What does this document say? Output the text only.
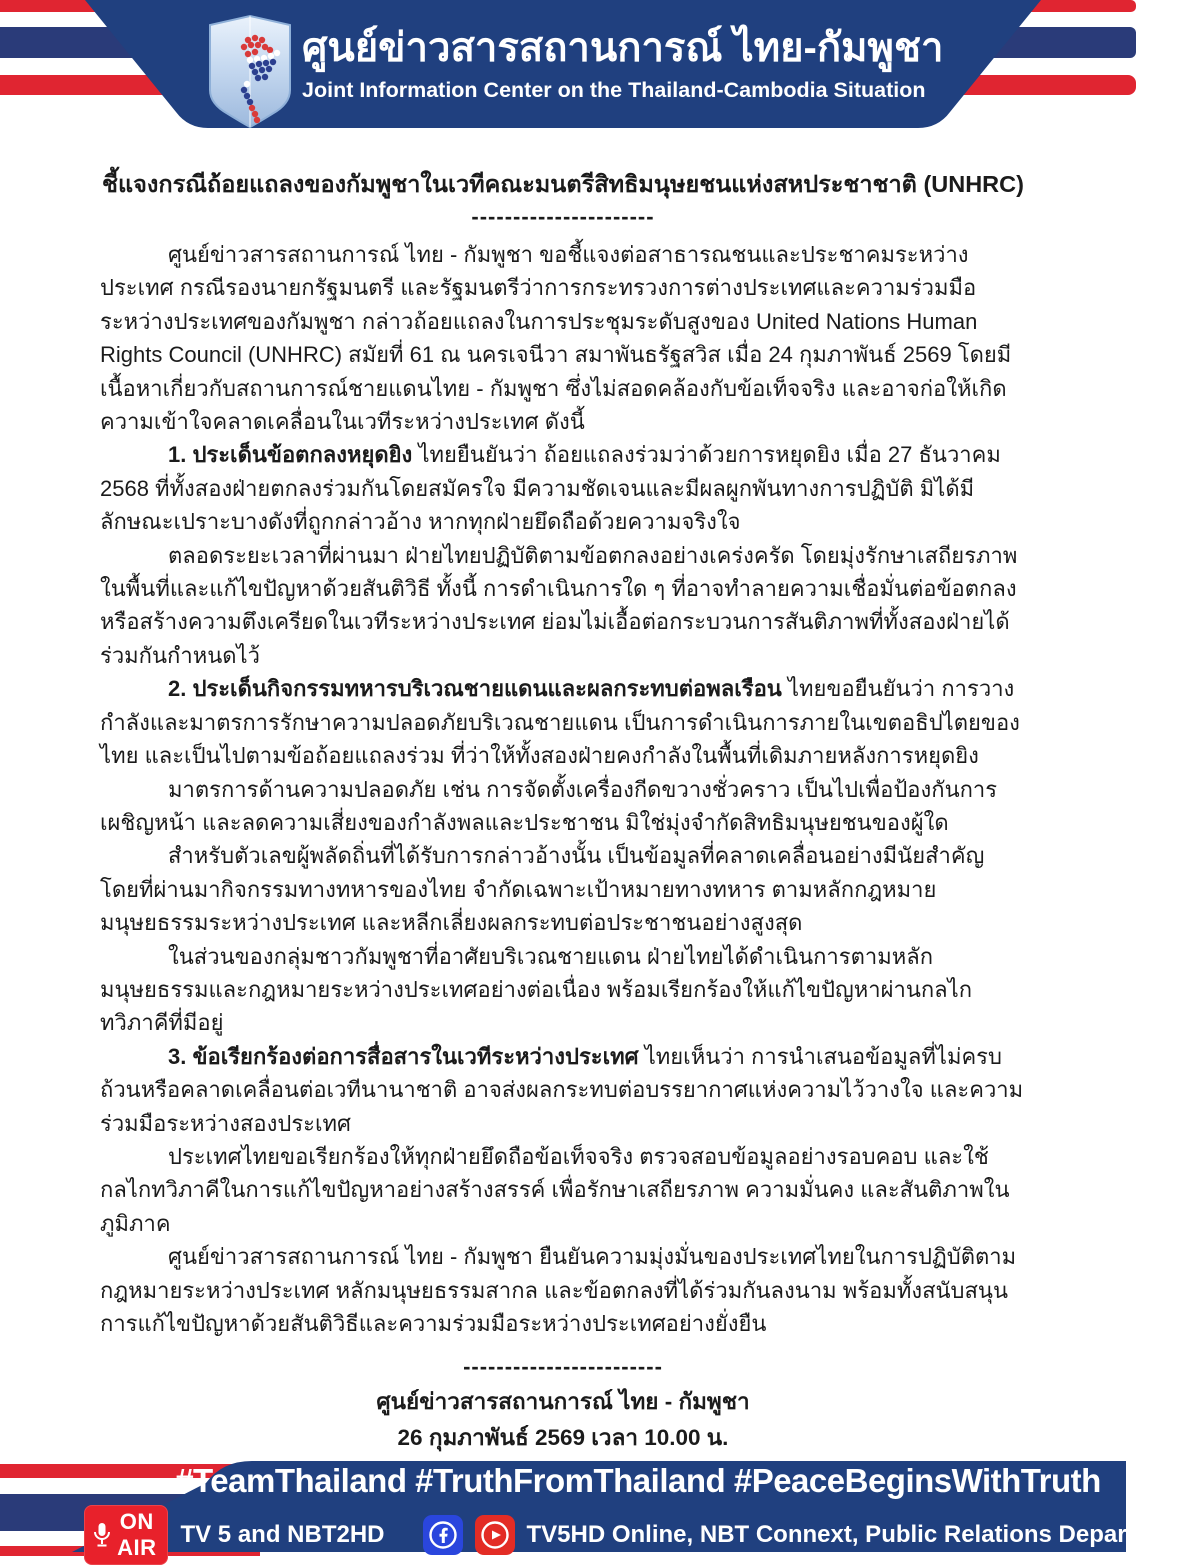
ศูนย์ข่าวสารสถานการณ์ ไทย-กัมพูชา
Joint Information Center on the Thailand-Cambodia Situation

ชี้แจงกรณีถ้อยแถลงของกัมพูชาในเวทีคณะมนตรีสิทธิมนุษยชนแห่งสหประชาชาติ (UNHRC)

----------------------

ศูนย์ข่าวสารสถานการณ์ ไทย - กัมพูชา ขอชี้แจงต่อสาธารณชนและประชาคมระหว่างประเทศ กรณีรองนายกรัฐมนตรี และรัฐมนตรีว่าการกระทรวงการต่างประเทศและความร่วมมือระหว่างประเทศของกัมพูชา กล่าวถ้อยแถลงในการประชุมระดับสูงของ United Nations Human Rights Council (UNHRC) สมัยที่ 61 ณ นครเจนีวา สมาพันธรัฐสวิส เมื่อ 24 กุมภาพันธ์ 2569 โดยมีเนื้อหาเกี่ยวกับสถานการณ์ชายแดนไทย - กัมพูชา ซึ่งไม่สอดคล้องกับข้อเท็จจริง และอาจก่อให้เกิดความเข้าใจคลาดเคลื่อนในเวทีระหว่างประเทศ ดังนี้

1. ประเด็นข้อตกลงหยุดยิง ไทยยืนยันว่า ถ้อยแถลงร่วมว่าด้วยการหยุดยิง เมื่อ 27 ธันวาคม 2568 ที่ทั้งสองฝ่ายตกลงร่วมกันโดยสมัครใจ มีความชัดเจนและมีผลผูกพันทางการปฏิบัติ มิได้มีลักษณะเปราะบางดังที่ถูกกล่าวอ้าง หากทุกฝ่ายยึดถือด้วยความจริงใจ

ตลอดระยะเวลาที่ผ่านมา ฝ่ายไทยปฏิบัติตามข้อตกลงอย่างเคร่งครัด โดยมุ่งรักษาเสถียรภาพในพื้นที่และแก้ไขปัญหาด้วยสันติวิธี ทั้งนี้ การดำเนินการใด ๆ ที่อาจทำลายความเชื่อมั่นต่อข้อตกลง หรือสร้างความตึงเครียดในเวทีระหว่างประเทศ ย่อมไม่เอื้อต่อกระบวนการสันติภาพที่ทั้งสองฝ่ายได้ร่วมกันกำหนดไว้

2. ประเด็นกิจกรรมทหารบริเวณชายแดนและผลกระทบต่อพลเรือน ไทยขอยืนยันว่า การวางกำลังและมาตรการรักษาความปลอดภัยบริเวณชายแดน เป็นการดำเนินการภายในเขตอธิปไตยของไทย และเป็นไปตามข้อถ้อยแถลงร่วม ที่ว่าให้ทั้งสองฝ่ายคงกำลังในพื้นที่เดิมภายหลังการหยุดยิง

มาตรการด้านความปลอดภัย เช่น การจัดตั้งเครื่องกีดขวางชั่วคราว เป็นไปเพื่อป้องกันการเผชิญหน้า และลดความเสี่ยงของกำลังพลและประชาชน มิใช่มุ่งจำกัดสิทธิมนุษยชนของผู้ใด

สำหรับตัวเลขผู้พลัดถิ่นที่ได้รับการกล่าวอ้างนั้น เป็นข้อมูลที่คลาดเคลื่อนอย่างมีนัยสำคัญ โดยที่ผ่านมากิจกรรมทางทหารของไทย จำกัดเฉพาะเป้าหมายทางทหาร ตามหลักกฎหมายมนุษยธรรมระหว่างประเทศ และหลีกเลี่ยงผลกระทบต่อประชาชนอย่างสูงสุด

ในส่วนของกลุ่มชาวกัมพูชาที่อาศัยบริเวณชายแดน ฝ่ายไทยได้ดำเนินการตามหลักมนุษยธรรมและกฎหมายระหว่างประเทศอย่างต่อเนื่อง พร้อมเรียกร้องให้แก้ไขปัญหาผ่านกลไกทวิภาคีที่มีอยู่

3. ข้อเรียกร้องต่อการสื่อสารในเวทีระหว่างประเทศ ไทยเห็นว่า การนำเสนอข้อมูลที่ไม่ครบถ้วนหรือคลาดเคลื่อนต่อเวทีนานาชาติ อาจส่งผลกระทบต่อบรรยากาศแห่งความไว้วางใจ และความร่วมมือระหว่างสองประเทศ

ประเทศไทยขอเรียกร้องให้ทุกฝ่ายยึดถือข้อเท็จจริง ตรวจสอบข้อมูลอย่างรอบคอบ และใช้กลไกทวิภาคีในการแก้ไขปัญหาอย่างสร้างสรรค์ เพื่อรักษาเสถียรภาพ ความมั่นคง และสันติภาพในภูมิภาค

ศูนย์ข่าวสารสถานการณ์ ไทย - กัมพูชา ยืนยันความมุ่งมั่นของประเทศไทยในการปฏิบัติตามกฎหมายระหว่างประเทศ หลักมนุษยธรรมสากล และข้อตกลงที่ได้ร่วมกันลงนาม พร้อมทั้งสนับสนุนการแก้ไขปัญหาด้วยสันติวิธีและความร่วมมือระหว่างประเทศอย่างยั่งยืน

------------------------

ศูนย์ข่าวสารสถานการณ์ ไทย - กัมพูชา

26 กุมภาพันธ์ 2569 เวลา 10.00 น.

#TeamThailand #TruthFromThailand #PeaceBeginsWithTruth
ON AIR TV 5 and NBT2HD	TV5HD Online, NBT Connext, Public Relations Department
